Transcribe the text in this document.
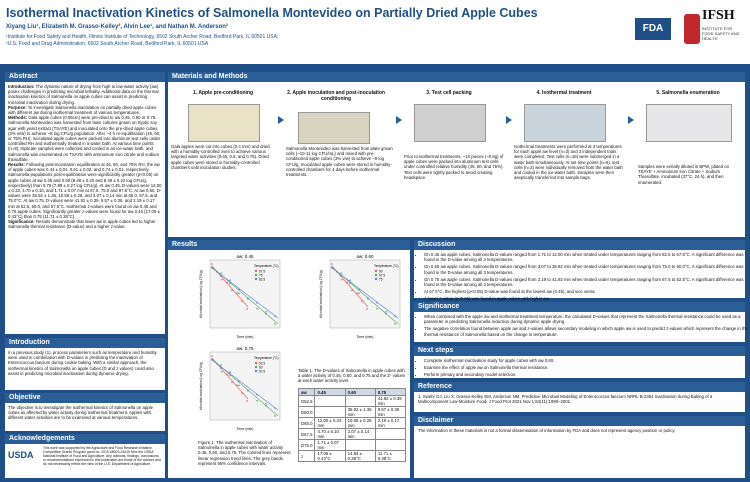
Isothermal Inactivation Kinetics of Salmonella Montevideo on Partially Dried Apple Cubes
Xiyang Liu¹, Elizabeth M. Grasso-Kelley², Alvin Lee¹, and Nathan M. Anderson²
¹Institute for Food Safety and Health, Illinois Institute of Technology, 6502 South Archer Road, Bedford Park, IL 60501 USA;
²U.S. Food and Drug Administration, 6502 South Archer Road, Bedford Park, IL 60501 USA
FDA
IFSH
INSTITUTE FOR FOOD SAFETY AND HEALTH
Abstract
Introduction: The dynamic nature of drying from high to low water activity (aw) poses challenges in predicting microbial lethality. Additional data on the thermal inactivation kinetics of Salmonella on apple cubes can assist in predicting microbial inactivation during drying.
Purpose: To investigate Salmonella inactivation on partially dried apple cubes with different aw during isothermal treatment of various temperatures.
Methods: Gala apple cubes (0.95cm) were pre-dried to aw 0.45, 0.60 or 0.75. Salmonella Montevideo was harvested from lawn cultures grown on tryptic soy agar with yeast extract (TSAYE) and inoculated onto the pre-dried apple cubes (3% w/w) to achieve ~8 log CFU/g population. After ~4 h re-equilibration (45, 60, or 75% RH), inoculated apple cubes were packed into aluminum test cells under controlled RH and isothermally treated in a water bath. At various time points (n=8), triplicate samples were collected and cooled in an ice-water bath, and Salmonella was enumerated on TSAYE with ammonium iron citrate and sodium thiosulfate.
Results: Following post-inoculation equilibration at 45, 60, and 75% RH, the aw of apple cubes was 0.44 ± 0.01, 0.61 ± 0.02, and 0.74 ± 0.01, respectively. Salmonella populations post-equilibration were significantly greater (p<0.05) on apple cubes at aw 0.45 and 0.60 (8.48 ± 0.20 and 8.49 ± 0.22 log CFU/g, respectively) than 0.75 (7.89 ± 0.27 log CFU/g). At aw 0.45, D-values were 12.00 ± 0.33, 4.70 ± 0.10, and 1.71 ± 0.07 min at 67.5, 75.0 and 87.5°C. At aw 0.60, D-values were 35.92 ± 1.36, 10.55 ± 0.28, and 3.07 ± 0.14 min at 65.0, 67.5, and 75.0°C. At aw 0.75, D-values were 41.92 ± 0.39, 9.57 ± 0.36, and 2.19 ± 0.17 min at 52.5, 60.0, and 67.5°C. Isothermal z-values were found on aw 0.45 and 0.75 apple cubes. Significantly greater z-values were found for aw 0.45 (17.06 ± 0.43°C) than 0.75 (11.71 ± 0.38°C).
Significance: Results demonstrate that lower aw in apple cubes led to higher Salmonella thermal resistance (D-value) and a higher z-value.
Introduction
In a previous study (1), process parameters such as temperature and humidity were used in combination with D-values in predicting the inactivation of Enterococcus faecium during cookie baking. With a similar approach, the isothermal kinetics of Salmonella on apple cubes (D and z values) could also assist in predicting microbial inactivation during dynamic drying.
Objective
The objective is to investigate the isothermal kinetics of Salmonella on apple cubes as affected by water activity during isothermal treatment. Apples with different water activities are to be examined at various temperatures.
Acknowledgements
USDA
This work was supported by the Agriculture and Food Research Initiative Competitive Grants Program grant no. 2015-68003-23415 from the USDA National Institute of Food and Agriculture. Any opinions, findings, conclusions, or recommendations expressed in this publication are those of the authors and do not necessarily reflect the view of the U.S. Department of Agriculture.
Materials and Methods
1. Apple pre-conditioning
Gala apples were cut into cubes (0.4 mm) and dried with a humidity-controlled oven to achieve various targeted water activities (0.45, 0.6, and 0.75). Dried apple cubes were stored in humidity-controlled chambers until inoculation studies.
2. Apple inoculation and post-inoculation conditioning
Salmonella Montevideo was harvested from plate grown cells (~10-11 log CFU/mL) and mixed with pre-conditioned apple cubes (3% v/w) to achieve ~8 log CFU/g. Inoculated apple cubes were stored in humidity-controlled chambers for 4 days before isothermal treatments.
3. Test cell packing
Prior to isothermal treatments, ~10 pieces (~0.8g) of apple cubes were packed into aluminum test cells under controlled relative humidity (45, 60, and 75%). Test cells were tightly packed to avoid creating headspace.
4. Isothermal treatment
Isothermal treatments were performed at 3 temperatures for each apple aw level (n=3) and 3 independent trials were completed. Test cells (n=18) were submerged in a water bath simultaneously. At set time points (n=6), test cells (n=3) were individually removed from the water bath and cooled in the ice-water bath. Samples were then aseptically transferred into sample bags.
5. Salmonella enumeration
Samples were serially diluted in BPW, plated on TSAYE + Ammonium Iron Citrate + Sodium Thiosulfate, incubated (37°C, 24 h), and then enumerated.
Results
aw: 0.45
Time (min)
Microbial inactivation (Log CFU/g)
Temperature (°C)
67.5
75
82.5
aw: 0.60
Time (min)
Microbial inactivation (Log CFU/g)
Temperature (°C)
60
67.5
75
aw: 0.75
Time (min)
Microbial inactivation (Log CFU/g)
Temperature (°C)
52.5
60
67.5	Table 1. The D-values of Salmonella in apple cubes with a water activity of 0.45, 0.60, and 0.75 and the Z- values at each water activity level.
aw	0.45	0.60	0.75
D52.5			41.92 ± 0.39 min
D60.0		35.92 ± 1.36 min	9.57 ± 0.36 min
D65.0	12.00 ± 0.33 min	10.55 ± 0.28 min	2.19 ± 0.17 min
D67.5	4.70 ± 0.10 min	3.07 ± 0.14 min	
D75.0	1.71 ± 0.07 min		
z	17.06 ± 0.43°C	14.84 ± 0.38°C	11.71 ± 0.38°C
Figure 1. The isothermal inactivation of Salmonella in apple cubes with water activity 0.45, 0.60, and 0.75. The colored lines represent linear regression trend lines. The grey bands represent 95% confidence intervals.
Discussion
• On 0.45 aw apple cubes, Salmonella D-values ranged from 1.71 to 12.00 min when treated under temperatures ranging from 82.5 to 67.5°C. A significant difference was found in the D-value among all 3 temperatures.
• On 0.60 aw apple cubes, Salmonella D-values ranged from 3.07 to 35.92 min when treated under temperatures ranging from 75.0 to 60.0°C. A significant difference was found in the D-value among all 3 temperatures.
• On 0.75 aw apple cubes, Salmonella D-values ranged from 2.19 to 41.92 min when treated under temperatures ranging from 67.5 to 52.5°C. A significant difference was found in the D-value among all 3 temperatures.
• At 67.5°C, the highest (p<0.05) D-value was found at the lowest aw (0.45), and vice versa.
• A lower z-value (p<0.05) was found in apple cubes with higher aw.
Significance
• When combined with the apple aw and isothermal treatment temperature, the calculated D-values that represent the Salmonella thermal resistance could be used as a parameter in predicting Salmonella reduction during dynamic apple drying.
• The negative correlation found between apple aw and z-values allows secondary modeling in which apple aw is used to predict z-values which represent the change in the thermal resistance of Salmonella based on the change in temperature.
Next steps
• Complete isothermal inactivation study for apple cubes with aw 0.60.
• Examine the effect of apple aw on Salmonella thermal resistance.
• Perform primary and secondary model selection.
Reference
1. Swehr GJ, Liu X, Grasso-Kelley EM, Anderson NM. Predictive Microbial Modeling of Enterococcus faecium NRRL B-2354 Inactivation during Baking of a Multicomponent Low-Moisture Food. J Food Prot 2021 Nov 1;84(11):1990–2001.
Disclaimer
The information in these materials is not a formal dissemination of information by FDA and does not represent agency position or policy.
